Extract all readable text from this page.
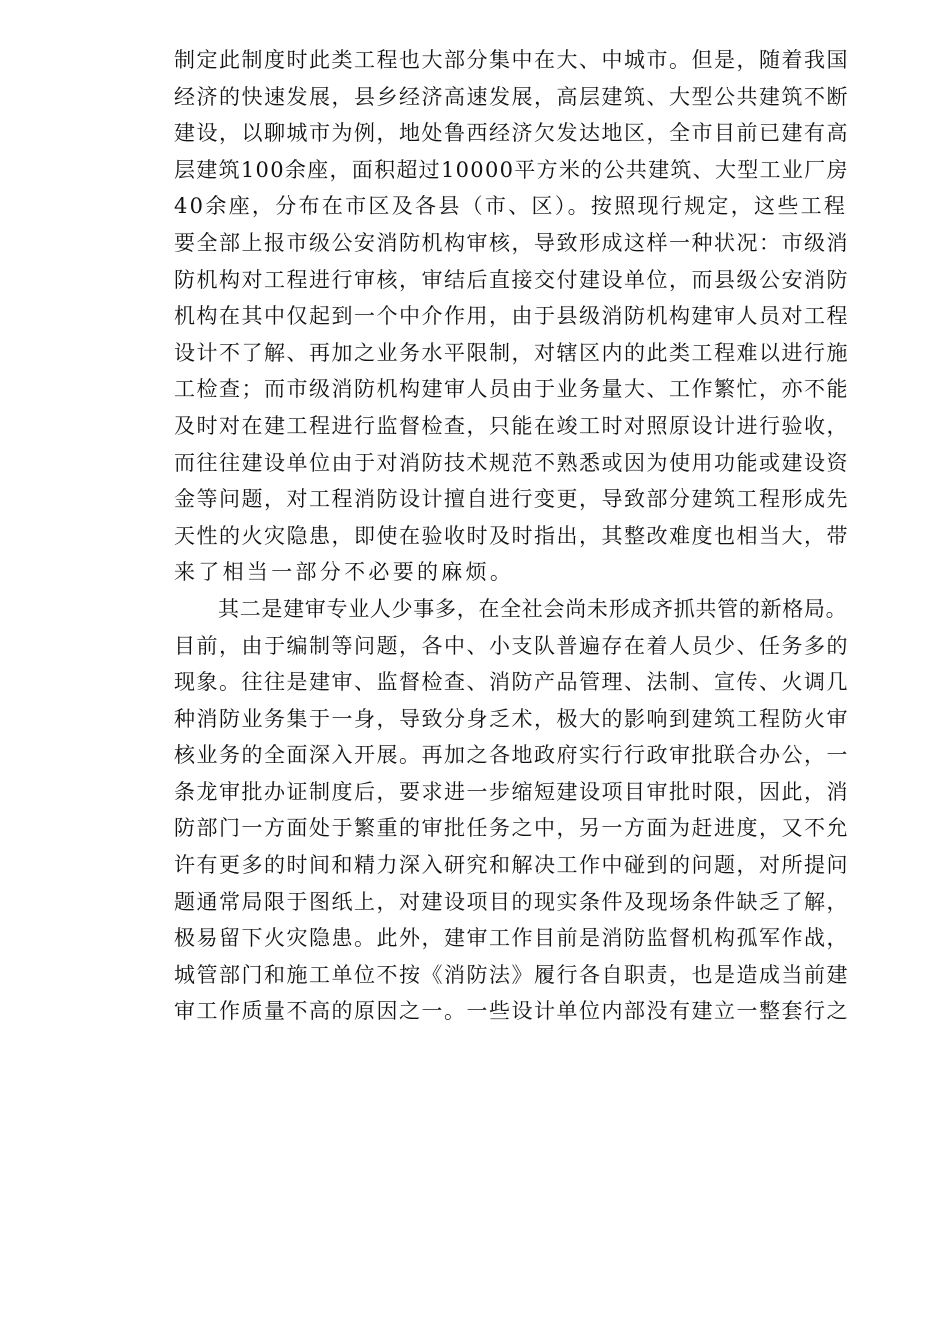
制定此制度时此类工程也大部分集中在大、中城市。但是，随着我国
经济的快速发展，县乡经济高速发展，高层建筑、大型公共建筑不断
建设，以聊城市为例，地处鲁西经济欠发达地区，全市目前已建有高
层建筑100余座，面积超过10000平方米的公共建筑、大型工业厂房
40余座，分布在市区及各县（市、区）。按照现行规定，这些工程
要全部上报市级公安消防机构审核，导致形成这样一种状况：市级消
防机构对工程进行审核，审结后直接交付建设单位，而县级公安消防
机构在其中仅起到一个中介作用，由于县级消防机构建审人员对工程
设计不了解、再加之业务水平限制，对辖区内的此类工程难以进行施
工检查；而市级消防机构建审人员由于业务量大、工作繁忙，亦不能
及时对在建工程进行监督检查，只能在竣工时对照原设计进行验收，
而往往建设单位由于对消防技术规范不熟悉或因为使用功能或建设资
金等问题，对工程消防设计擅自进行变更，导致部分建筑工程形成先
天性的火灾隐患，即使在验收时及时指出，其整改难度也相当大，带
来了相当一部分不必要的麻烦。
其二是建审专业人少事多，在全社会尚未形成齐抓共管的新格局。
目前，由于编制等问题，各中、小支队普遍存在着人员少、任务多的
现象。往往是建审、监督检查、消防产品管理、法制、宣传、火调几
种消防业务集于一身，导致分身乏术，极大的影响到建筑工程防火审
核业务的全面深入开展。再加之各地政府实行行政审批联合办公，一
条龙审批办证制度后，要求进一步缩短建设项目审批时限，因此，消
防部门一方面处于繁重的审批任务之中，另一方面为赶进度，又不允
许有更多的时间和精力深入研究和解决工作中碰到的问题，对所提问
题通常局限于图纸上，对建设项目的现实条件及现场条件缺乏了解，
极易留下火灾隐患。此外，建审工作目前是消防监督机构孤军作战，
城管部门和施工单位不按《消防法》履行各自职责，也是造成当前建
审工作质量不高的原因之一。一些设计单位内部没有建立一整套行之
